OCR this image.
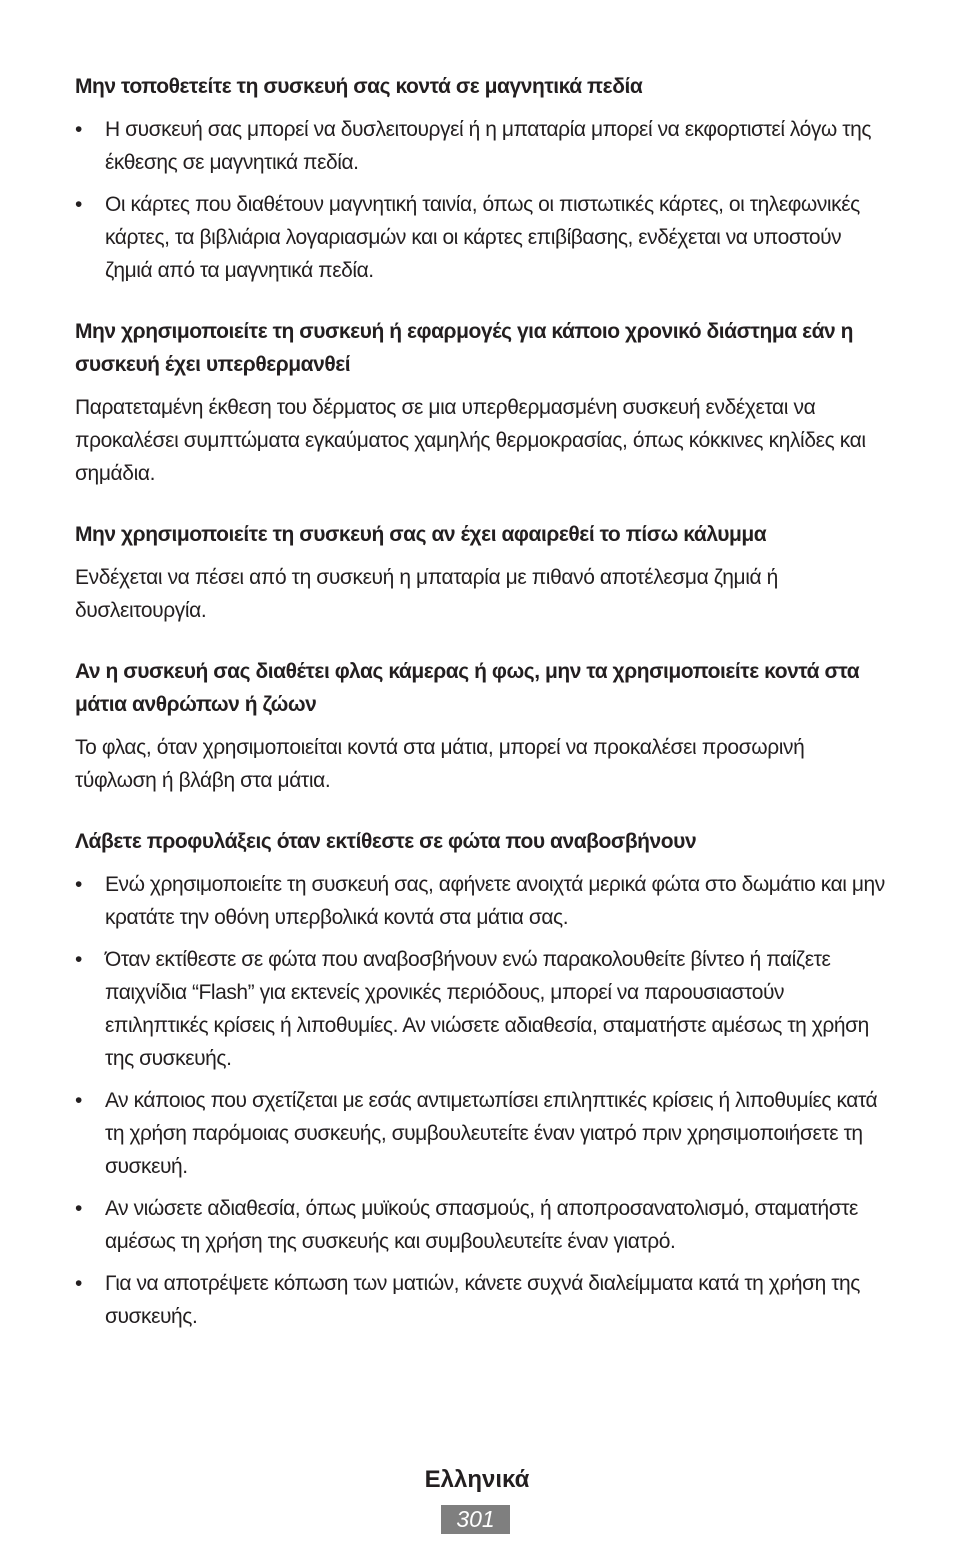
Μην τοποθετείτε τη συσκευή σας κοντά σε μαγνητικά πεδία
•	Η συσκευή σας μπορεί να δυσλειτουργεί ή η μπαταρία μπορεί να εκφορτιστεί λόγω της έκθεσης σε μαγνητικά πεδία.
•	Οι κάρτες που διαθέτουν μαγνητική ταινία, όπως οι πιστωτικές κάρτες, οι τηλεφωνικές κάρτες, τα βιβλιάρια λογαριασμών και οι κάρτες επιβίβασης, ενδέχεται να υποστούν ζημιά από τα μαγνητικά πεδία.
Μην χρησιμοποιείτε τη συσκευή ή εφαρμογές για κάποιο χρονικό διάστημα εάν η συσκευή έχει υπερθερμανθεί

Παρατεταμένη έκθεση του δέρματος σε μια υπερθερμασμένη συσκευή ενδέχεται να προκαλέσει συμπτώματα εγκαύματος χαμηλής θερμοκρασίας, όπως κόκκινες κηλίδες και σημάδια.

Μην χρησιμοποιείτε τη συσκευή σας αν έχει αφαιρεθεί το πίσω κάλυμμα

Ενδέχεται να πέσει από τη συσκευή η μπαταρία με πιθανό αποτέλεσμα ζημιά ή δυσλειτουργία.

Αν η συσκευή σας διαθέτει φλας κάμερας ή φως, μην τα χρησιμοποιείτε κοντά στα μάτια ανθρώπων ή ζώων

Το φλας, όταν χρησιμοποιείται κοντά στα μάτια, μπορεί να προκαλέσει προσωρινή τύφλωση ή βλάβη στα μάτια.

Λάβετε προφυλάξεις όταν εκτίθεστε σε φώτα που αναβοσβήνουν
•	Ενώ χρησιμοποιείτε τη συσκευή σας, αφήνετε ανοιχτά μερικά φώτα στο δωμάτιο και μην κρατάτε την οθόνη υπερβολικά κοντά στα μάτια σας.
•	Όταν εκτίθεστε σε φώτα που αναβοσβήνουν ενώ παρακολουθείτε βίντεο ή παίζετε παιχνίδια “Flash” για εκτενείς χρονικές περιόδους, μπορεί να παρουσιαστούν επιληπτικές κρίσεις ή λιποθυμίες. Αν νιώσετε αδιαθεσία, σταματήστε αμέσως τη χρήση της συσκευής.
•	Αν κάποιος που σχετίζεται με εσάς αντιμετωπίσει επιληπτικές κρίσεις ή λιποθυμίες κατά τη χρήση παρόμοιας συσκευής, συμβουλευτείτε έναν γιατρό πριν χρησιμοποιήσετε τη συσκευή.
•	Αν νιώσετε αδιαθεσία, όπως μυϊκούς σπασμούς, ή αποπροσανατολισμό, σταματήστε αμέσως τη χρήση της συσκευής και συμβουλευτείτε έναν γιατρό.
•	Για να αποτρέψετε κόπωση των ματιών, κάνετε συχνά διαλείμματα κατά τη χρήση της συσκευής.
Ελληνικά
301
